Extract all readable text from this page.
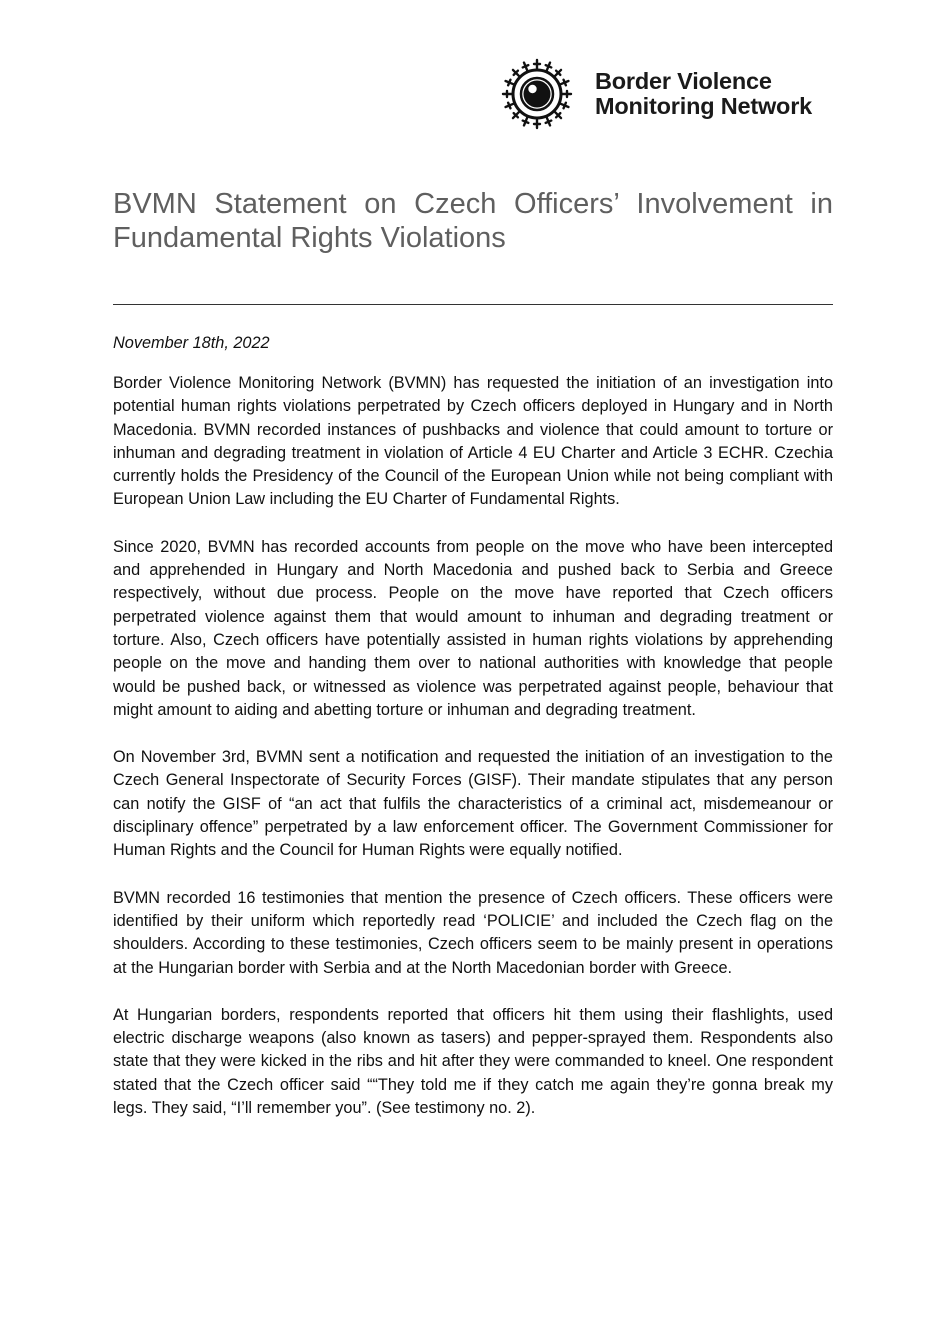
Border Violence
Monitoring Network
BVMN Statement on Czech Officers’ Involvement in Fundamental Rights Violations
November 18th, 2022

Border Violence Monitoring Network (BVMN) has requested the initiation of an investigation into potential human rights violations perpetrated by Czech officers deployed in Hungary and in North Macedonia. BVMN recorded instances of pushbacks and violence that could amount to torture or inhuman and degrading treatment in violation of Article 4 EU Charter and Article 3 ECHR. Czechia currently holds the Presidency of the Council of the European Union while not being compliant with European Union Law including the EU Charter of Fundamental Rights.

Since 2020, BVMN has recorded accounts from people on the move who have been intercepted and apprehended in Hungary and North Macedonia and pushed back to Serbia and Greece respectively, without due process. People on the move have reported that Czech officers perpetrated violence against them that would amount to inhuman and degrading treatment or torture. Also, Czech officers have potentially assisted in human rights violations by apprehending people on the move and handing them over to national authorities with knowledge that people would be pushed back, or witnessed as violence was perpetrated against people, behaviour that might amount to aiding and abetting torture or inhuman and degrading treatment.

On November 3rd, BVMN sent a notification and requested the initiation of an investigation to the Czech General Inspectorate of Security Forces (GISF). Their mandate stipulates that any person can notify the GISF of “an act that fulfils the characteristics of a criminal act, misdemeanour or disciplinary offence” perpetrated by a law enforcement officer. The Government Commissioner for Human Rights and the Council for Human Rights were equally notified.

BVMN recorded 16 testimonies that mention the presence of Czech officers. These officers were identified by their uniform which reportedly read ‘POLICIE’ and included the Czech flag on the shoulders. According to these testimonies, Czech officers seem to be mainly present in operations at the Hungarian border with Serbia and at the North Macedonian border with Greece.

At Hungarian borders, respondents reported that officers hit them using their flashlights, used electric discharge weapons (also known as tasers) and pepper-sprayed them. Respondents also state that they were kicked in the ribs and hit after they were commanded to kneel. One respondent stated that the Czech officer said ““They told me if they catch me again they’re gonna break my legs. They said, “I’ll remember you”. (See testimony no. 2).
